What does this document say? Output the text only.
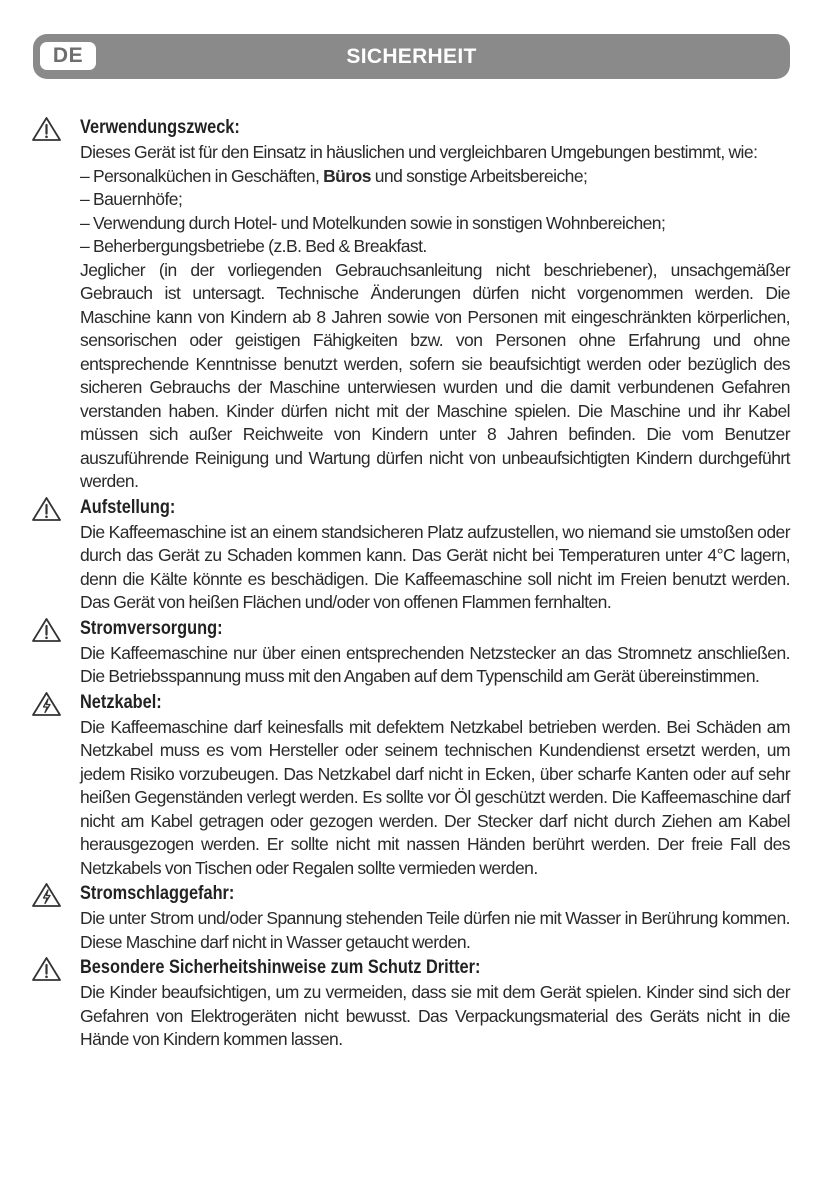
DE	SICHERHEIT
Verwendungszweck:

Dieses Gerät ist für den Einsatz in häuslichen und vergleichbaren Umgebungen bestimmt, wie:

– Personalküchen in Geschäften, Büros und sonstige Arbeitsbereiche;

– Bauernhöfe;

– Verwendung durch Hotel- und Motelkunden sowie in sonstigen Wohnbereichen;

– Beherbergungsbetriebe (z.B. Bed & Breakfast.

Jeglicher (in der vorliegenden Gebrauchsanleitung nicht beschriebener), unsachgemäßer Gebrauch ist untersagt. Technische Änderungen dürfen nicht vorgenommen werden. Die Maschine kann von Kindern ab 8 Jahren sowie von Personen mit eingeschränkten körperlichen, sensorischen oder geistigen Fähigkeiten bzw. von Personen ohne Erfahrung und ohne entsprechende Kenntnisse benutzt werden, sofern sie beaufsichtigt werden oder bezüglich des sicheren Gebrauchs der Maschine unterwiesen wurden und die damit verbundenen Gefahren verstanden haben. Kinder dürfen nicht mit der Maschine spielen. Die Maschine und ihr Kabel müssen sich außer Reichweite von Kindern unter 8 Jahren befinden. Die vom Benutzer auszuführende Reinigung und Wartung dürfen nicht von unbeaufsichtigten Kindern durchgeführt werden.

Aufstellung:

Die Kaffeemaschine ist an einem standsicheren Platz aufzustellen, wo niemand sie umstoßen oder durch das Gerät zu Schaden kommen kann. Das Gerät nicht bei Temperaturen unter 4°C lagern, denn die Kälte könnte es beschädigen. Die Kaffeemaschine soll nicht im Freien benutzt werden. Das Gerät von heißen Flächen und/oder von offenen Flammen fernhalten.

Stromversorgung:

Die Kaffeemaschine nur über einen entsprechenden Netzstecker an das Stromnetz anschließen. Die Betriebsspannung muss mit den Angaben auf dem Typenschild am Gerät übereinstimmen.

Netzkabel:

Die Kaffeemaschine darf keinesfalls mit defektem Netzkabel betrieben werden. Bei Schäden am Netzkabel muss es vom Hersteller oder seinem technischen Kundendienst ersetzt werden, um jedem Risiko vorzubeugen. Das Netzkabel darf nicht in Ecken, über scharfe Kanten oder auf sehr heißen Gegenständen verlegt werden. Es sollte vor Öl geschützt werden. Die Kaffeemaschine darf nicht am Kabel getragen oder gezogen werden. Der Stecker darf nicht durch Ziehen am Kabel herausgezogen werden. Er sollte nicht mit nassen Händen berührt werden. Der freie Fall des Netzkabels von Tischen oder Regalen sollte vermieden werden.

Stromschlaggefahr:

Die unter Strom und/oder Spannung stehenden Teile dürfen nie mit Wasser in Berührung kommen. Diese Maschine darf nicht in Wasser getaucht werden.

Besondere Sicherheitshinweise zum Schutz Dritter:

Die Kinder beaufsichtigen, um zu vermeiden, dass sie mit dem Gerät spielen. Kinder sind sich der Gefahren von Elektrogeräten nicht bewusst. Das Verpackungsmaterial des Geräts nicht in die Hände von Kindern kommen lassen.
